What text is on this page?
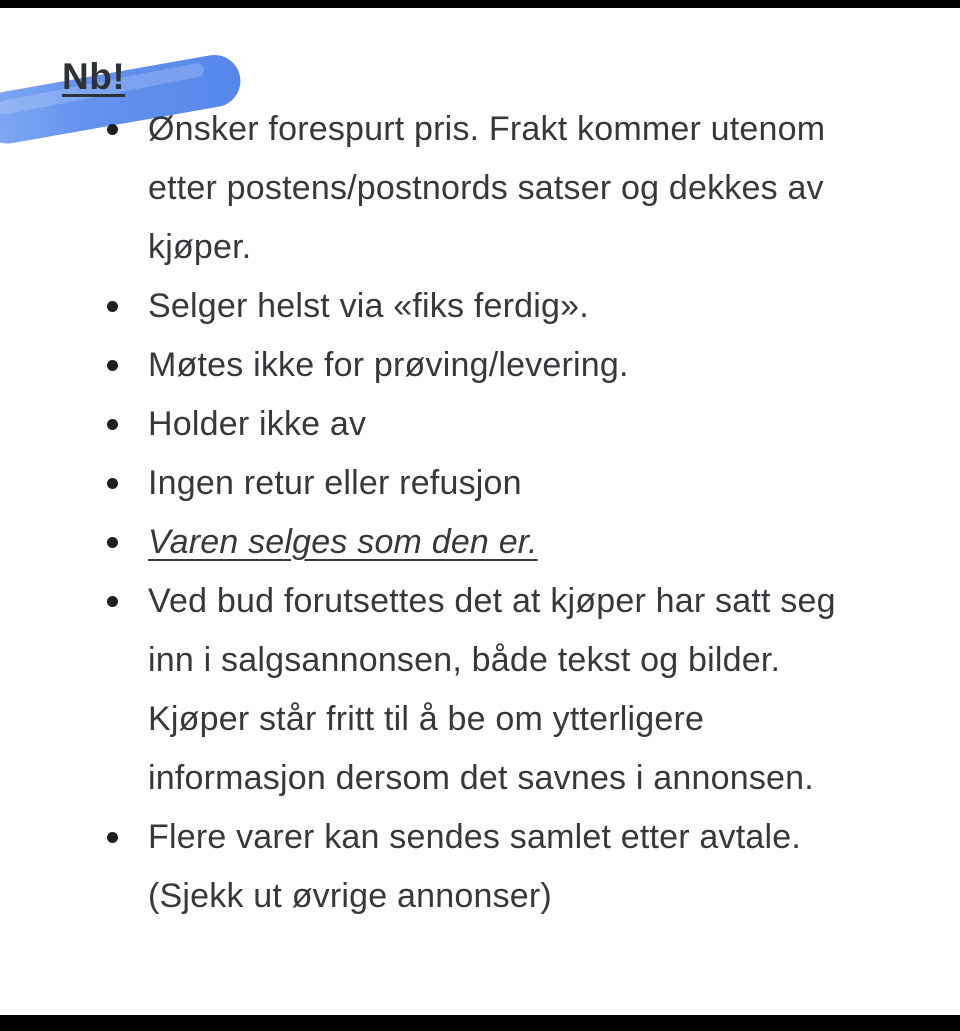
Nb!
Ønsker forespurt pris. Frakt kommer utenom etter postens/postnords satser og dekkes av kjøper.
Selger helst via «fiks ferdig».
Møtes ikke for prøving/levering.
Holder ikke av
Ingen retur eller refusjon
Varen selges som den er.
Ved bud forutsettes det at kjøper har satt seg inn i salgsannonsen, både tekst og bilder. Kjøper står fritt til å be om ytterligere informasjon dersom det savnes i annonsen.
Flere varer kan sendes samlet etter avtale. (Sjekk ut øvrige annonser)
